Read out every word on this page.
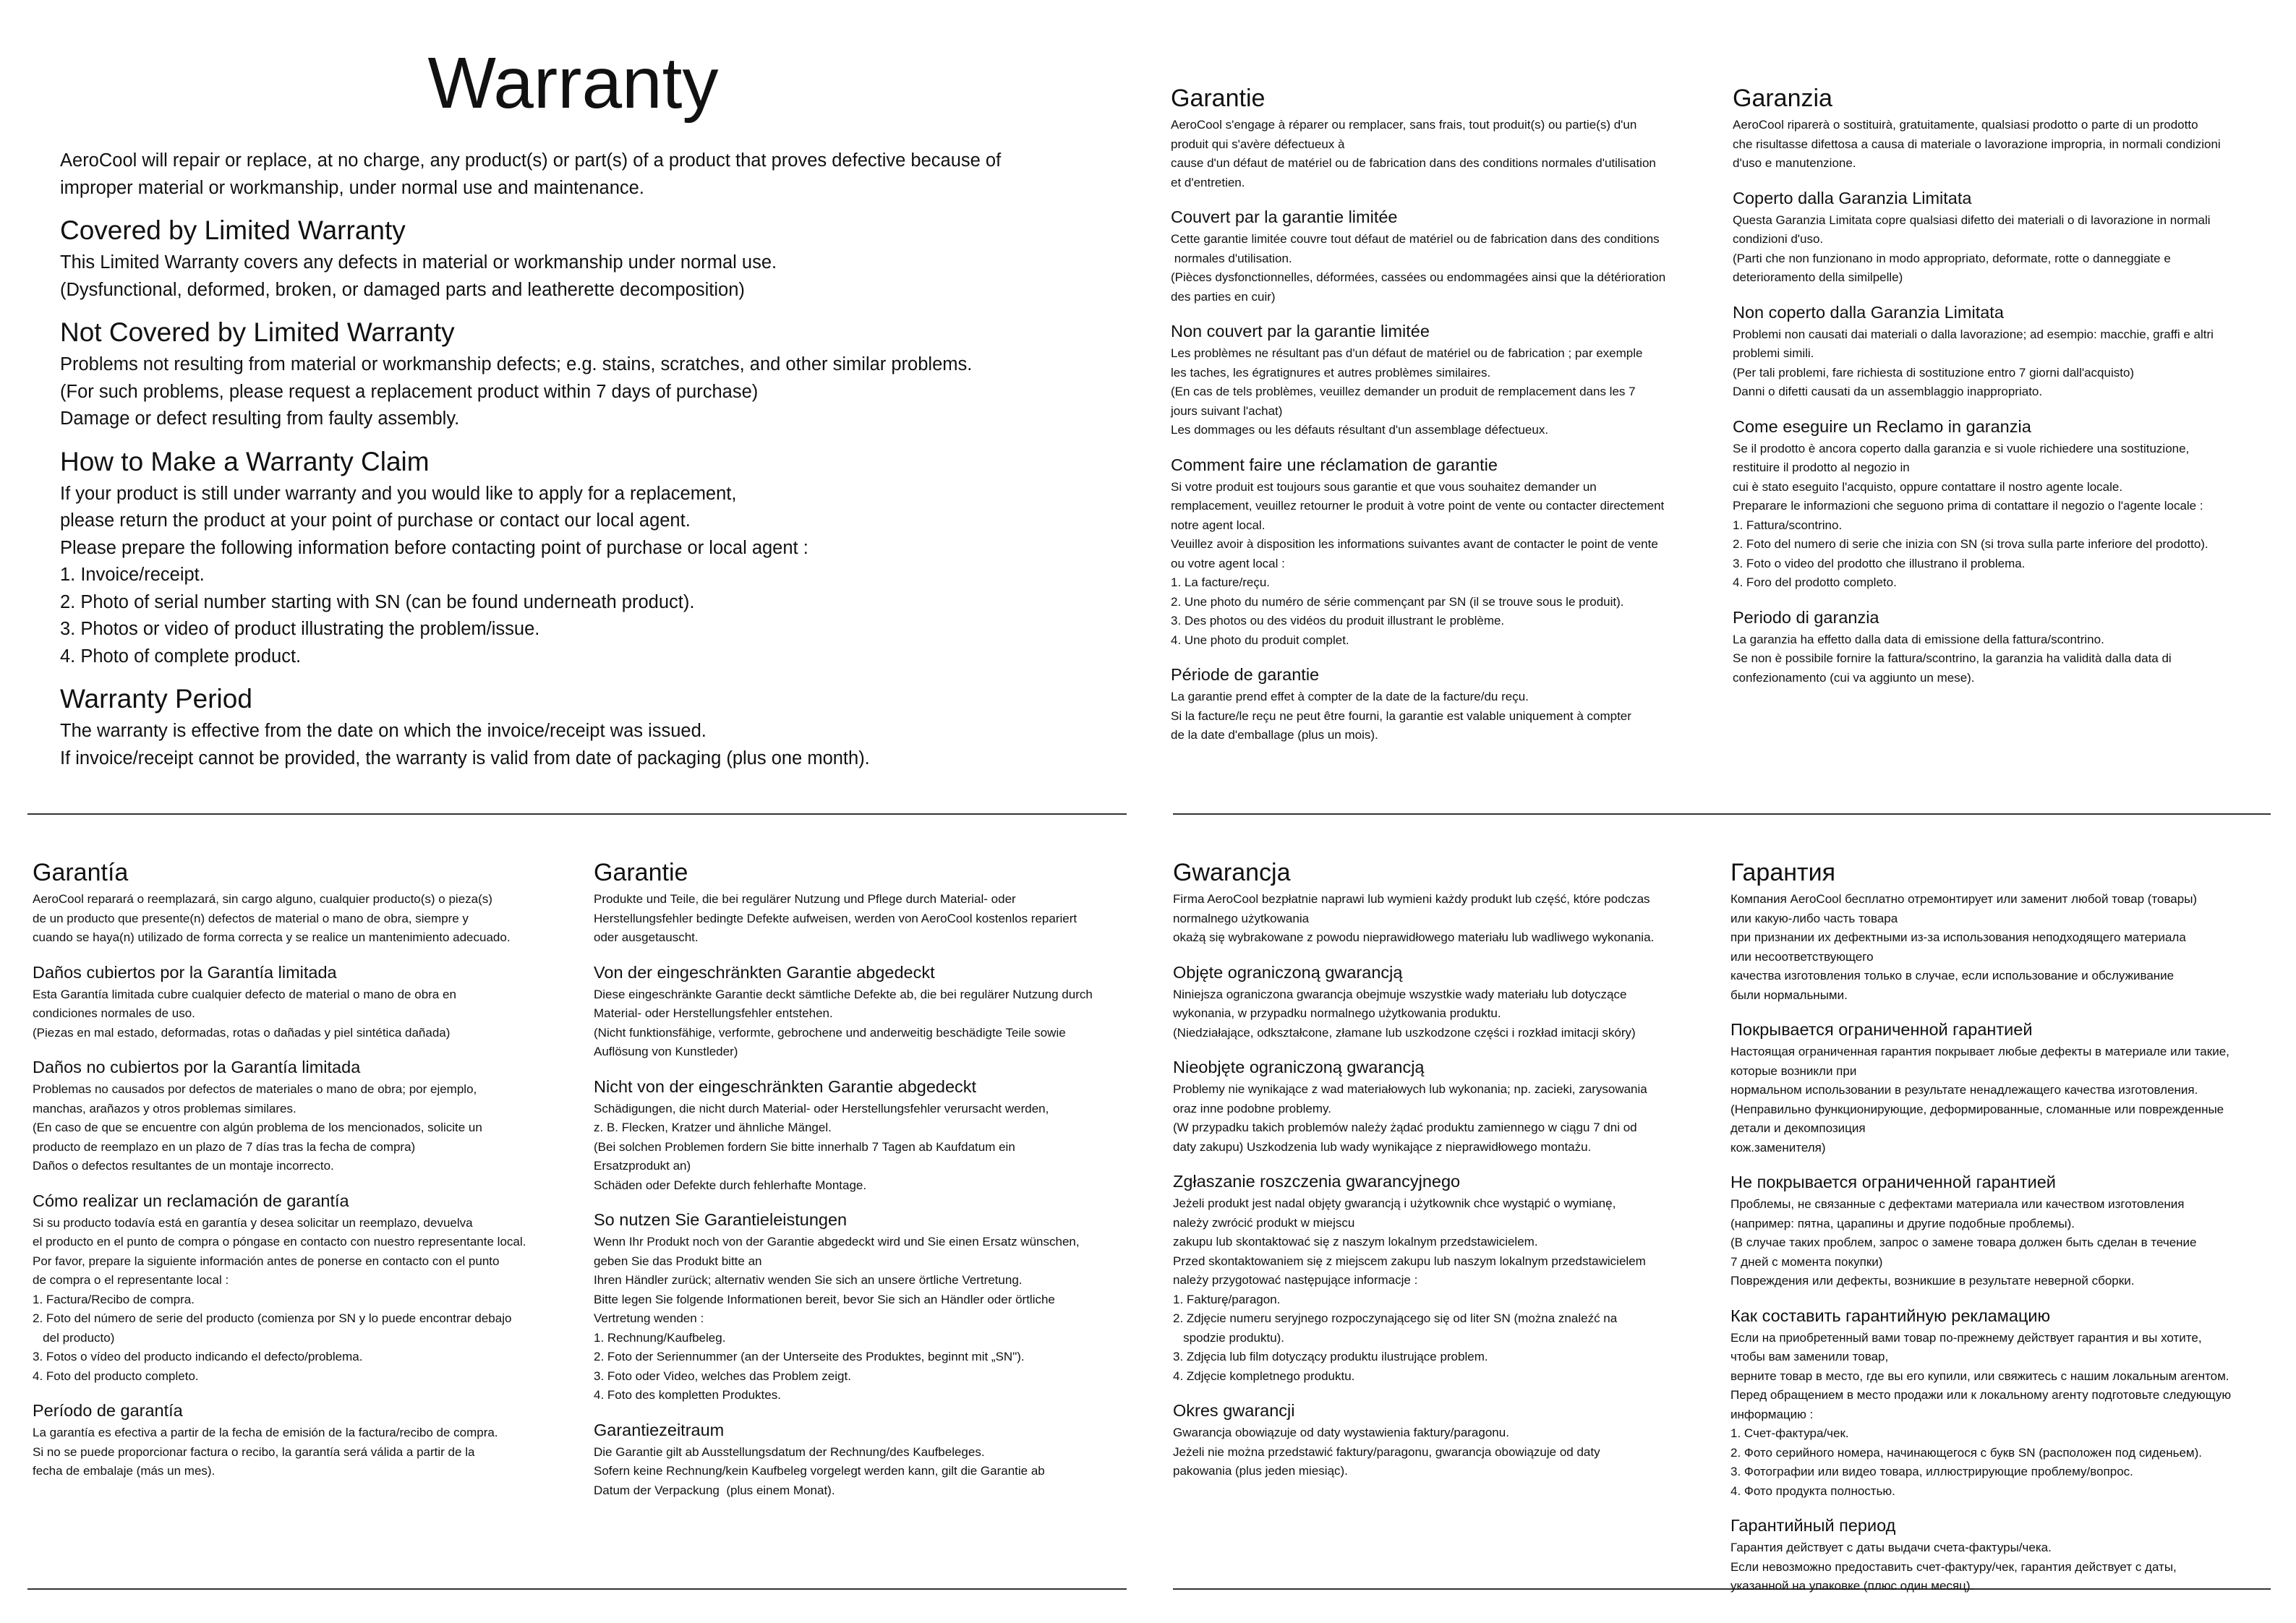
Warranty
AeroCool will repair or replace, at no charge, any product(s) or part(s) of a product that proves defective because of
improper material or workmanship, under normal use and maintenance.
Covered by Limited Warranty
This Limited Warranty covers any defects in material or workmanship under normal use.
(Dysfunctional, deformed, broken, or damaged parts and leatherette decomposition)
Not Covered by Limited Warranty
Problems not resulting from material or workmanship defects; e.g. stains, scratches, and other similar problems.
(For such problems, please request a replacement product within 7 days of purchase)
Damage or defect resulting from faulty assembly.
How to Make a Warranty Claim
If your product is still under warranty and you would like to apply for a replacement,
please return the product at your point of purchase or contact our local agent.
Please prepare the following information before contacting point of purchase or local agent :
1. Invoice/receipt.
2. Photo of serial number starting with SN (can be found underneath product).
3. Photos or video of product illustrating the problem/issue.
4. Photo of complete product.
Warranty Period
The warranty is effective from the date on which the invoice/receipt was issued.
If invoice/receipt cannot be provided, the warranty is valid from date of packaging (plus one month).
Garantie
AeroCool s'engage à réparer ou remplacer, sans frais, tout produit(s) ou partie(s) d'un
produit qui s'avère défectueux à
cause d'un défaut de matériel ou de fabrication dans des conditions normales d'utilisation
et d'entretien.
Couvert par la garantie limitée
Cette garantie limitée couvre tout défaut de matériel ou de fabrication dans des conditions
normales d'utilisation.
(Pièces dysfonctionnelles, déformées, cassées ou endommagées ainsi que la détérioration
des parties en cuir)
Non couvert par la garantie limitée
Les problèmes ne résultant pas d'un défaut de matériel ou de fabrication ; par exemple
les taches, les égratignures et autres problèmes similaires.
(En cas de tels problèmes, veuillez demander un produit de remplacement dans les 7
jours suivant l'achat)
Les dommages ou les défauts résultant d'un assemblage défectueux.
Comment faire une réclamation de garantie
Si votre produit est toujours sous garantie et que vous souhaitez demander un
remplacement, veuillez retourner le produit à votre point de vente ou contacter directement
notre agent local.
Veuillez avoir à disposition les informations suivantes avant de contacter le point de vente
ou votre agent local :
1. La facture/reçu.
2. Une photo du numéro de série commençant par SN (il se trouve sous le produit).
3. Des photos ou des vidéos du produit illustrant le problème.
4. Une photo du produit complet.
Période de garantie
La garantie prend effet à compter de la date de la facture/du reçu.
Si la facture/le reçu ne peut être fourni, la garantie est valable uniquement à compter
de la date d'emballage (plus un mois).
Garanzia
AeroCool riparerà o sostituirà, gratuitamente, qualsiasi prodotto o parte di un prodotto
che risultasse difettosa a causa di materiale o lavorazione impropria, in normali condizioni
d'uso e manutenzione.
Coperto dalla Garanzia Limitata
Questa Garanzia Limitata copre qualsiasi difetto dei materiali o di lavorazione in normali
condizioni d'uso.
(Parti che non funzionano in modo appropriato, deformate, rotte o danneggiate e
deterioramento della similpelle)
Non coperto dalla Garanzia Limitata
Problemi non causati dai materiali o dalla lavorazione; ad esempio: macchie, graffi e altri
problemi simili.
(Per tali problemi, fare richiesta di sostituzione entro 7 giorni dall'acquisto)
Danni o difetti causati da un assemblaggio inappropriato.
Come eseguire un Reclamo in garanzia
Se il prodotto è ancora coperto dalla garanzia e si vuole richiedere una sostituzione,
restituire il prodotto al negozio in
cui è stato eseguito l'acquisto, oppure contattare il nostro agente locale.
Preparare le informazioni che seguono prima di contattare il negozio o l'agente locale :
1. Fattura/scontrino.
2. Foto del numero di serie che inizia con SN (si trova sulla parte inferiore del prodotto).
3. Foto o video del prodotto che illustrano il problema.
4. Foro del prodotto completo.
Periodo di garanzia
La garanzia ha effetto dalla data di emissione della fattura/scontrino.
Se non è possibile fornire la fattura/scontrino, la garanzia ha validità dalla data di
confezionamento (cui va aggiunto un mese).
Garantía
AeroCool reparará o reemplazará, sin cargo alguno, cualquier producto(s) o pieza(s)
de un producto que presente(n) defectos de material o mano de obra, siempre y
cuando se haya(n) utilizado de forma correcta y se realice un mantenimiento adecuado.
Daños cubiertos por la Garantía limitada
Esta Garantía limitada cubre cualquier defecto de material o mano de obra en
condiciones normales de uso.
(Piezas en mal estado, deformadas, rotas o dañadas y piel sintética dañada)
Daños no cubiertos por la Garantía limitada
Problemas no causados por defectos de materiales o mano de obra; por ejemplo,
manchas, arañazos y otros problemas similares.
(En caso de que se encuentre con algún problema de los mencionados, solicite un
producto de reemplazo en un plazo de 7 días tras la fecha de compra)
Daños o defectos resultantes de un montaje incorrecto.
Cómo realizar un reclamación de garantía
Si su producto todavía está en garantía y desea solicitar un reemplazo, devuelva
el producto en el punto de compra o póngase en contacto con nuestro representante local.
Por favor, prepare la siguiente información antes de ponerse en contacto con el punto
de compra o el representante local :
1. Factura/Recibo de compra.
2. Foto del número de serie del producto (comienza por SN y lo puede encontrar debajo
del producto)
3. Fotos o vídeo del producto indicando el defecto/problema.
4. Foto del producto completo.
Período de garantía
La garantía es efectiva a partir de la fecha de emisión de la factura/recibo de compra.
Si no se puede proporcionar factura o recibo, la garantía será válida a partir de la
fecha de embalaje (más un mes).
Garantie
Produkte und Teile, die bei regulärer Nutzung und Pflege durch Material- oder
Herstellungsfehler bedingte Defekte aufweisen, werden von AeroCool kostenlos repariert
oder ausgetauscht.
Von der eingeschränkten Garantie abgedeckt
Diese eingeschränkte Garantie deckt sämtliche Defekte ab, die bei regulärer Nutzung durch
Material- oder Herstellungsfehler entstehen.
(Nicht funktionsfähige, verformte, gebrochene und anderweitig beschädigte Teile sowie
Auflösung von Kunstleder)
Nicht von der eingeschränkten Garantie abgedeckt
Schädigungen, die nicht durch Material- oder Herstellungsfehler verursacht werden,
z. B. Flecken, Kratzer und ähnliche Mängel.
(Bei solchen Problemen fordern Sie bitte innerhalb 7 Tagen ab Kaufdatum ein
Ersatzprodukt an)
Schäden oder Defekte durch fehlerhafte Montage.
So nutzen Sie Garantieleistungen
Wenn Ihr Produkt noch von der Garantie abgedeckt wird und Sie einen Ersatz wünschen,
geben Sie das Produkt bitte an
Ihren Händler zurück; alternativ wenden Sie sich an unsere örtliche Vertretung.
Bitte legen Sie folgende Informationen bereit, bevor Sie sich an Händler oder örtliche
Vertretung wenden :
1. Rechnung/Kaufbeleg.
2. Foto der Seriennummer (an der Unterseite des Produktes, beginnt mit „SN").
3. Foto oder Video, welches das Problem zeigt.
4. Foto des kompletten Produktes.
Garantiezeitraum
Die Garantie gilt ab Ausstellungsdatum der Rechnung/des Kaufbeleges.
Sofern keine Rechnung/kein Kaufbeleg vorgelegt werden kann, gilt die Garantie ab
Datum der Verpackung  (plus einem Monat).
Gwarancja
Firma AeroCool bezpłatnie naprawi lub wymieni każdy produkt lub część, które podczas
normalnego użytkowania
okażą się wybrakowane z powodu nieprawidłowego materiału lub wadliwego wykonania.
Objęte ograniczoną gwarancją
Niniejsza ograniczona gwarancja obejmuje wszystkie wady materiału lub dotyczące
wykonania, w przypadku normalnego użytkowania produktu.
(Niedziałające, odkształcone, złamane lub uszkodzone części i rozkład imitacji skóry)
Nieobjęte ograniczoną gwarancją
Problemy nie wynikające z wad materiałowych lub wykonania; np. zacieki, zarysowania
oraz inne podobne problemy.
(W przypadku takich problemów należy żądać produktu zamiennego w ciągu 7 dni od
daty zakupu) Uszkodzenia lub wady wynikające z nieprawidłowego montażu.
Zgłaszanie roszczenia gwarancyjnego
Jeżeli produkt jest nadal objęty gwarancją i użytkownik chce wystąpić o wymianę,
należy zwrócić produkt w miejscu
zakupu lub skontaktować się z naszym lokalnym przedstawicielem.
Przed skontaktowaniem się z miejscem zakupu lub naszym lokalnym przedstawicielem
należy przygotować następujące informacje :
1. Fakturę/paragon.
2. Zdjęcie numeru seryjnego rozpoczynającego się od liter SN (można znaleźć na
spodzie produktu).
3. Zdjęcia lub film dotyczący produktu ilustrujące problem.
4. Zdjęcie kompletnego produktu.
Okres gwarancji
Gwarancja obowiązuje od daty wystawienia faktury/paragonu.
Jeżeli nie można przedstawić faktury/paragonu, gwarancja obowiązuje od daty
pakowania (plus jeden miesiąc).
Гарантия
Компания AeroCool бесплатно отремонтирует или заменит любой товар (товары)
или какую-либо часть товара
при признании их дефектными из-за использования неподходящего материала
или несоответствующего
качества изготовления только в случае, если использование и обслуживание
были нормальными.
Покрывается ограниченной гарантией
Настоящая ограниченная гарантия покрывает любые дефекты в материале или такие,
которые возникли при
нормальном использовании в результате ненадлежащего качества изготовления.
(Неправильно функционирующие, деформированные, сломанные или поврежденные
детали и декомпозиция
кож.заменителя)
Не покрывается ограниченной гарантией
Проблемы, не связанные с дефектами материала или качеством изготовления
(например: пятна, царапины и другие подобные проблемы).
(В случае таких проблем, запрос о замене товара должен быть сделан в течение
7 дней с момента покупки)
Повреждения или дефекты, возникшие в результате неверной сборки.
Как составить гарантийную рекламацию
Если на приобретенный вами товар по-прежнему действует гарантия и вы хотите,
чтобы вам заменили товар,
верните товар в место, где вы его купили, или свяжитесь с нашим локальным агентом.
Перед обращением в место продажи или к локальному агенту подготовьте следующую
информацию :
1. Счет-фактура/чек.
2. Фото серийного номера, начинающегося с букв SN (расположен под сиденьем).
3. Фотографии или видео товара, иллюстрирующие проблему/вопрос.
4. Фото продукта полностью.
Гарантийный период
Гарантия действует с даты выдачи счета-фактуры/чека.
Если невозможно предоставить счет-фактуру/чек, гарантия действует с даты,
указанной на упаковке (плюс один месяц).
